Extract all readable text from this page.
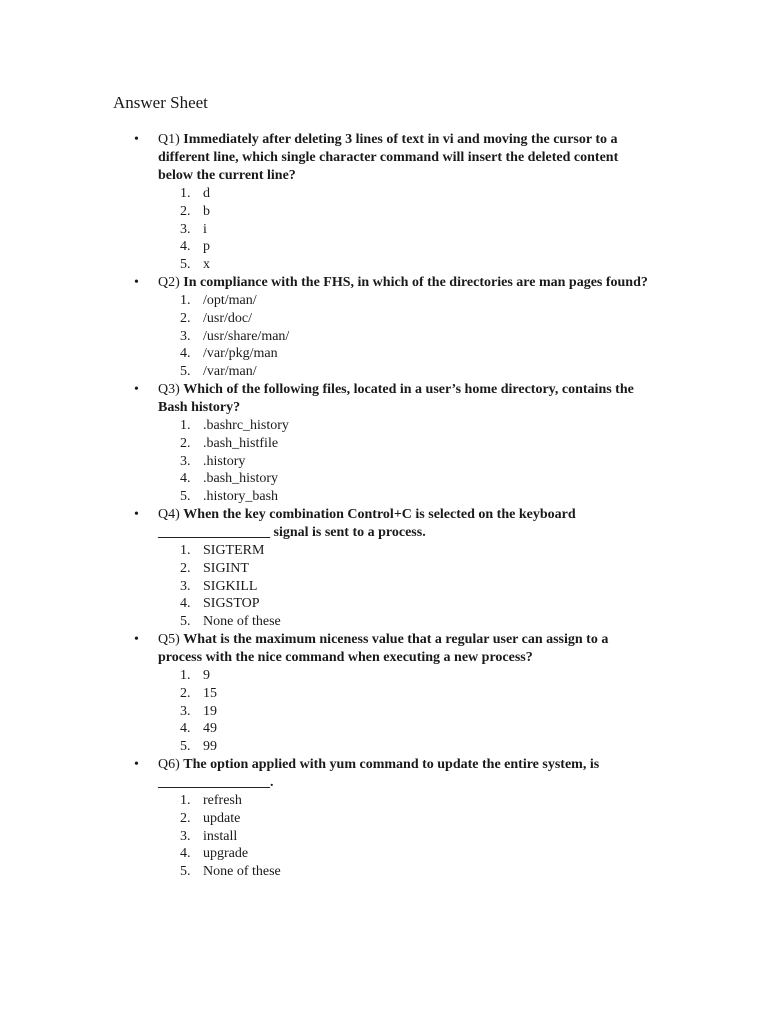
Answer Sheet
• Q1) Immediately after deleting 3 lines of text in vi and moving the cursor to a different line, which single character command will insert the deleted content below the current line?
1. d
2. b
3. i
4. p
5. x
• Q2) In compliance with the FHS, in which of the directories are man pages found?
1. /opt/man/
2. /usr/doc/
3. /usr/share/man/
4. /var/pkg/man
5. /var/man/
• Q3) Which of the following files, located in a user’s home directory, contains the Bash history?
1. .bashrc_history
2. .bash_histfile
3. .history
4. .bash_history
5. .history_bash
• Q4) When the key combination Control+C is selected on the keyboard ________________ signal is sent to a process.
1. SIGTERM
2. SIGINT
3. SIGKILL
4. SIGSTOP
5. None of these
• Q5) What is the maximum niceness value that a regular user can assign to a process with the nice command when executing a new process?
1. 9
2. 15
3. 19
4. 49
5. 99
• Q6) The option applied with yum command to update the entire system, is ________________.
1. refresh
2. update
3. install
4. upgrade
5. None of these
